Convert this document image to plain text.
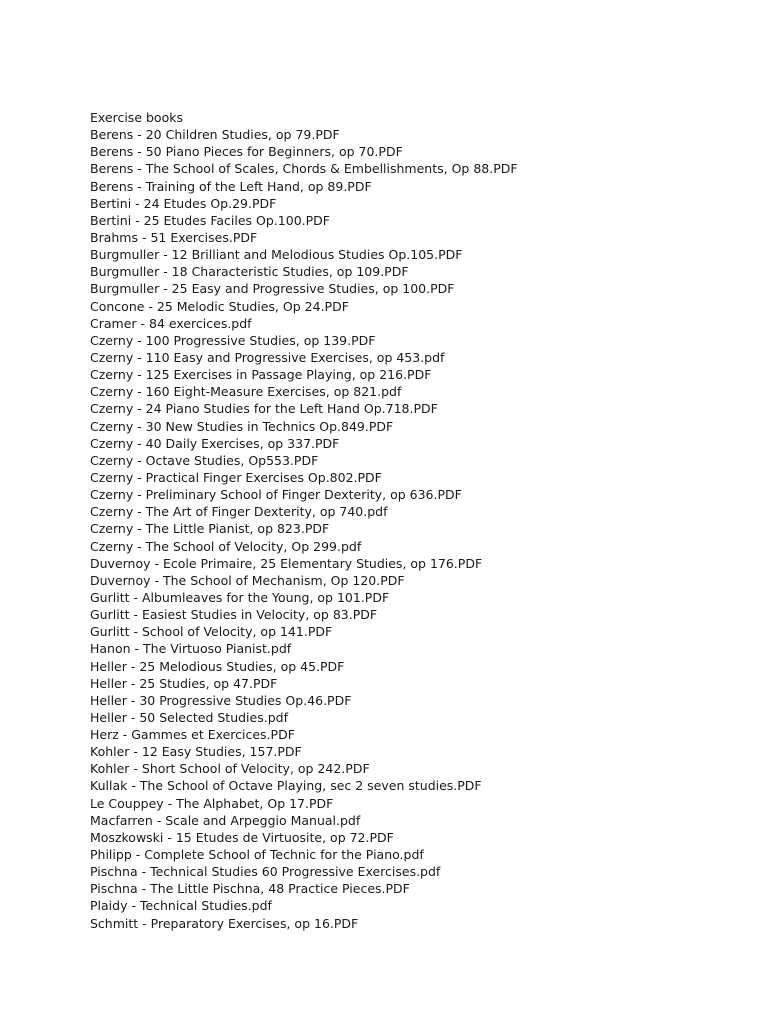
Exercise books
Berens - 20 Children Studies, op 79.PDF
Berens - 50 Piano Pieces for Beginners, op 70.PDF
Berens - The School of Scales, Chords & Embellishments, Op 88.PDF
Berens - Training of the Left Hand, op 89.PDF
Bertini - 24 Etudes Op.29.PDF
Bertini - 25 Etudes Faciles Op.100.PDF
Brahms - 51 Exercises.PDF
Burgmuller - 12 Brilliant and Melodious Studies Op.105.PDF
Burgmuller - 18 Characteristic Studies, op 109.PDF
Burgmuller - 25 Easy and Progressive Studies, op 100.PDF
Concone - 25 Melodic Studies, Op 24.PDF
Cramer - 84 exercices.pdf
Czerny - 100 Progressive Studies, op 139.PDF
Czerny - 110 Easy and Progressive Exercises, op 453.pdf
Czerny - 125 Exercises in Passage Playing, op 216.PDF
Czerny - 160 Eight-Measure Exercises, op 821.pdf
Czerny - 24 Piano Studies for the Left Hand Op.718.PDF
Czerny - 30 New Studies in Technics Op.849.PDF
Czerny - 40 Daily Exercises, op 337.PDF
Czerny - Octave Studies, Op553.PDF
Czerny - Practical Finger Exercises Op.802.PDF
Czerny - Preliminary School of Finger Dexterity, op 636.PDF
Czerny - The Art of Finger Dexterity, op 740.pdf
Czerny - The Little Pianist, op 823.PDF
Czerny - The School of Velocity, Op 299.pdf
Duvernoy - Ecole Primaire, 25 Elementary Studies, op 176.PDF
Duvernoy - The School of Mechanism, Op 120.PDF
Gurlitt - Albumleaves for the Young, op 101.PDF
Gurlitt - Easiest Studies in Velocity, op 83.PDF
Gurlitt - School of Velocity, op 141.PDF
Hanon - The Virtuoso Pianist.pdf
Heller - 25 Melodious Studies, op 45.PDF
Heller - 25 Studies, op 47.PDF
Heller - 30 Progressive Studies Op.46.PDF
Heller - 50 Selected Studies.pdf
Herz - Gammes et Exercices.PDF
Kohler - 12 Easy Studies, 157.PDF
Kohler - Short School of Velocity, op 242.PDF
Kullak - The School of Octave Playing, sec 2 seven studies.PDF
Le Couppey - The Alphabet, Op 17.PDF
Macfarren - Scale and Arpeggio Manual.pdf
Moszkowski - 15 Etudes de Virtuosite, op 72.PDF
Philipp - Complete School of Technic for the Piano.pdf
Pischna - Technical Studies 60 Progressive Exercises.pdf
Pischna - The Little Pischna, 48 Practice Pieces.PDF
Plaidy - Technical Studies.pdf
Schmitt - Preparatory Exercises, op 16.PDF
